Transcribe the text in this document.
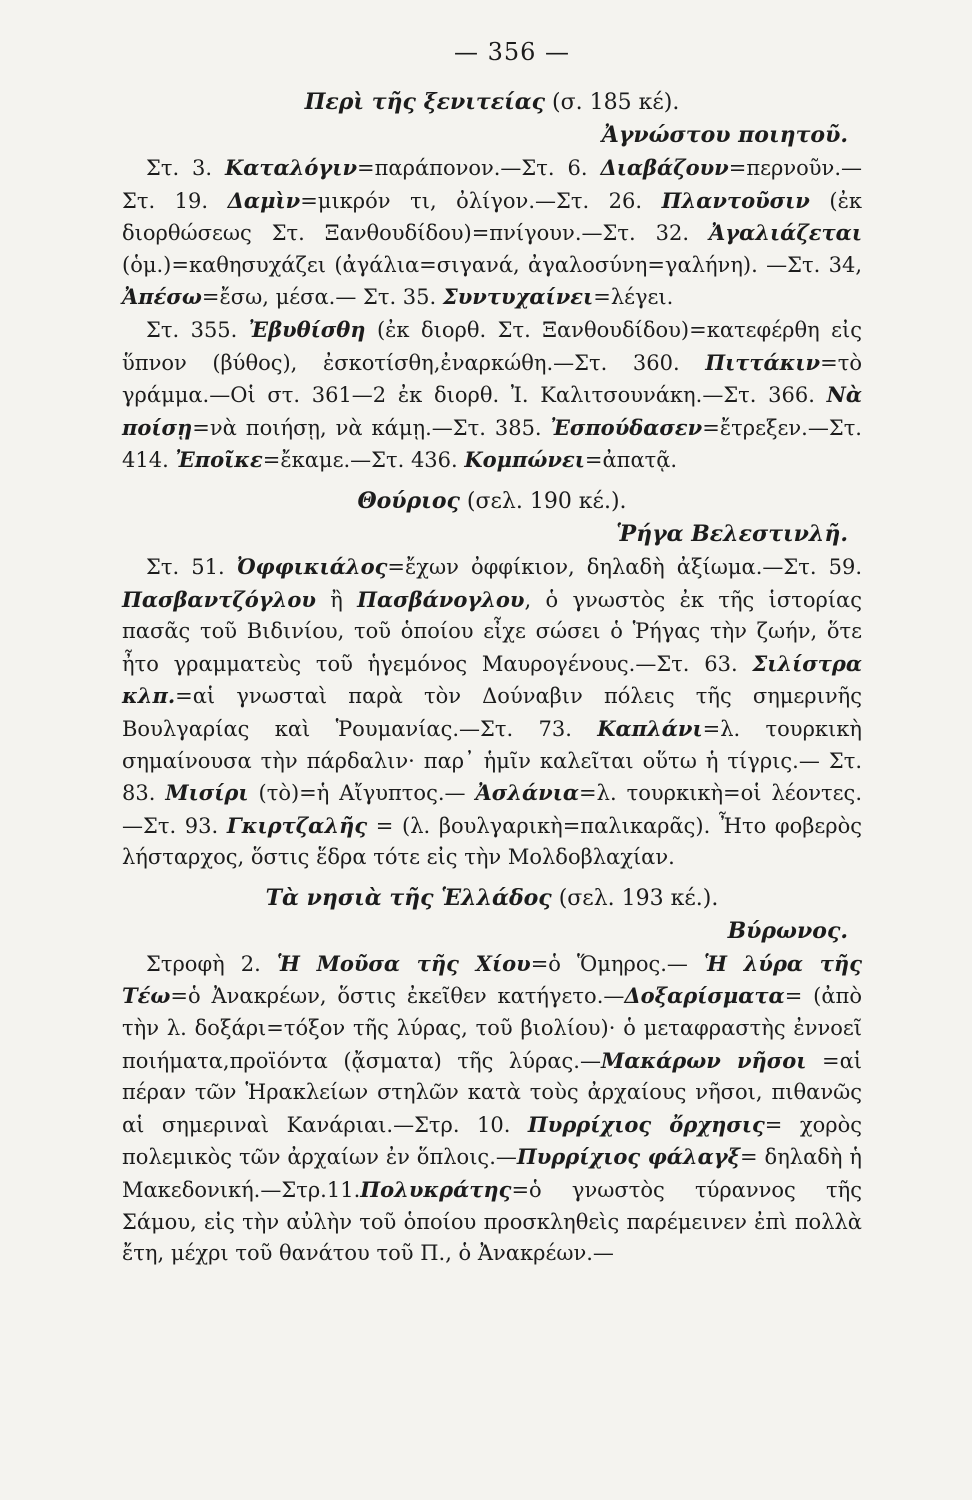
— 356 —

Περὶ τῆς ξενιτείας (σ. 185 κέ).

Ἀγνώστου ποιητοῦ.

Στ. 3. Καταλόγιν=παράπονον.—Στ. 6. Διαβάζουν=περνοῦν.—Στ. 19. Δαμὶν=μικρόν τι, ὀλίγον.—Στ. 26. Πλαντοῦσιν (ἐκ διορθώσεως Στ. Ξανθουδίδου)=πνίγουν.—Στ. 32. Ἀγαλιάζεται (ὁμ.)=καθησυχάζει (ἀγάλια=σιγανά, ἀγαλοσύνη=γαλήνη). —Στ. 34, Ἀπέσω=ἔσω, μέσα.— Στ. 35. Συντυχαίνει=λέγει.

Στ. 355. Ἐβυθίσθη (ἐκ διορθ. Στ. Ξανθουδίδου)=κατεφέρθη εἰς ὕπνον (βύθος), ἐσκοτίσθη,ἐναρκώθη.—Στ. 360. Πιττάκιν=τὸ γράμμα.—Οἱ στ. 361—2 ἐκ διορθ. Ἰ. Καλιτσουνάκη.—Στ. 366. Νὰ ποίσῃ=νὰ ποιήσῃ, νὰ κάμῃ.—Στ. 385. Ἐσπούδασεν=ἔτρεξεν.—Στ. 414. Ἐποῖκε=ἔκαμε.—Στ. 436. Κομπώνει=ἀπατᾷ.

Θούριος (σελ. 190 κέ.).

Ῥήγα Βελεστινλῆ.

Στ. 51. Ὀφφικιάλος=ἔχων ὀφφίκιον, δηλαδὴ ἀξίωμα.—Στ. 59. Πασβαντζόγλου ἢ Πασβάνογλου, ὁ γνωστὸς ἐκ τῆς ἱστορίας πασᾶς τοῦ Βιδινίου, τοῦ ὁποίου εἶχε σώσει ὁ Ῥήγας τὴν ζωήν, ὅτε ἦτο γραμματεὺς τοῦ ἡγεμόνος Μαυρογένους.—Στ. 63. Σιλίστρα κλπ.=αἱ γνωσταὶ παρὰ τὸν Δούναβιν πόλεις τῆς σημερινῆς Βουλγαρίας καὶ Ῥουμανίας.—Στ. 73. Καπλάνι=λ. τουρκικὴ σημαίνουσα τὴν πάρδαλιν· παρ᾽ ἡμῖν καλεῖται οὕτω ἡ τίγρις.— Στ. 83. Μισίρι (τὸ)=ἡ Αἴγυπτος.— Ἀσλάνια=λ. τουρκικὴ=οἱ λέοντες.—Στ. 93. Γκιρτζαλῆς = (λ. βουλγαρικὴ=παλικαρᾶς). Ἦτο φοβερὸς λήσταρχος, ὅστις ἕδρα τότε εἰς τὴν Μολδοβλαχίαν.

Τὰ νησιὰ τῆς Ἑλλάδος (σελ. 193 κέ.).

Βύρωνος.

Στροφὴ 2. Ἡ Μοῦσα τῆς Χίου=ὁ Ὅμηρος.— Ἡ λύρα τῆς Τέω=ὁ Ἀνακρέων, ὅστις ἐκεῖθεν κατήγετο.—Δοξαρίσματα= (ἀπὸ τὴν λ. δοξάρι=τόξον τῆς λύρας, τοῦ βιολίου)· ὁ μεταφραστὴς ἐννοεῖ ποιήματα,προϊόντα (ᾄσματα) τῆς λύρας.—Μακάρων νῆσοι =αἱ πέραν τῶν Ἡρακλείων στηλῶν κατὰ τοὺς ἀρχαίους νῆσοι, πιθανῶς αἱ σημεριναὶ Κανάριαι.—Στρ. 10. Πυρρίχιος ὄρχησις= χορὸς πολεμικὸς τῶν ἀρχαίων ἐν ὅπλοις.—Πυρρίχιος φάλαγξ= δηλαδὴ ἡ Μακεδονική.—Στρ.11.Πολυκράτης=ὁ γνωστὸς τύραννος τῆς Σάμου, εἰς τὴν αὐλὴν τοῦ ὁποίου προσκληθεὶς παρέμεινεν ἐπὶ πολλὰ ἔτη, μέχρι τοῦ θανάτου τοῦ Π., ὁ Ἀνακρέων.—
